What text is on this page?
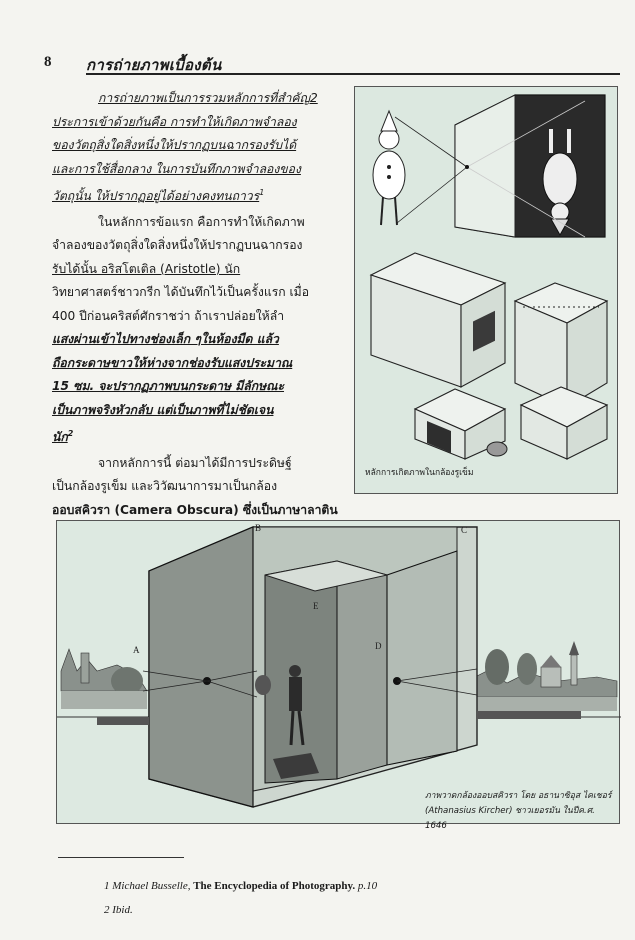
8 การถ่ายภาพเบื้องต้น

การถ่ายภาพเป็นการรวมหลักการที่สำคัญ2
ประการเข้าด้วยกันคือ การทำให้เกิดภาพจำลอง
ของวัตถุสิ่งใดสิ่งหนึ่งให้ปรากฏบนฉากรองรับได้
และการใช้สื่อกลาง ในการบันทึกภาพจำลองของ
วัตถุนั้น ให้ปรากฏอยู่ได้อย่างคงทนถาวร$^1$

ในหลักการข้อแรก คือการทำให้เกิดภาพ
จำลองของวัตถุสิ่งใดสิ่งหนึ่งให้ปรากฏบนฉากรอง
รับได้นั้น อริสโตเติล (Aristotle) นัก
วิทยาศาสตร์ชาวกรีก ได้บันทึกไว้เป็นครั้งแรก เมื่อ
400 ปีก่อนคริสต์ศักราชว่า ถ้าเราปล่อยให้ลำ
แสงผ่านเข้าไปทางช่องเล็ก ๆในห้องมืด แล้ว
ถือกระดาษขาวให้ห่างจากช่องรับแสงประมาณ
15 ซม. จะปรากฏภาพบนกระดาษ มีลักษณะ
เป็นภาพจริงหัวกลับ แต่เป็นภาพที่ไม่ชัดเจน
นัก$^2$

จากหลักการนี้ ต่อมาได้มีการประดิษฐ์
เป็นกล้องรูเข็ม และวิวัฒนาการมาเป็นกล้อง
ออบสคิวรา (Camera Obscura) ซึ่งเป็นภาษาลาติน

หลักการเกิดภาพในกล้องรูเข็ม
A
B	C
D
E
ภาพวาดกล้องออบสคิวรา โดย อธานาซิอุส ไคเชอร์
(Athanasius Kircher) ชาวเยอรมัน ในปีค.ศ. 1646
1 Michael Busselle, The Encyclopedia of Photography. p.10
2 Ibid.
